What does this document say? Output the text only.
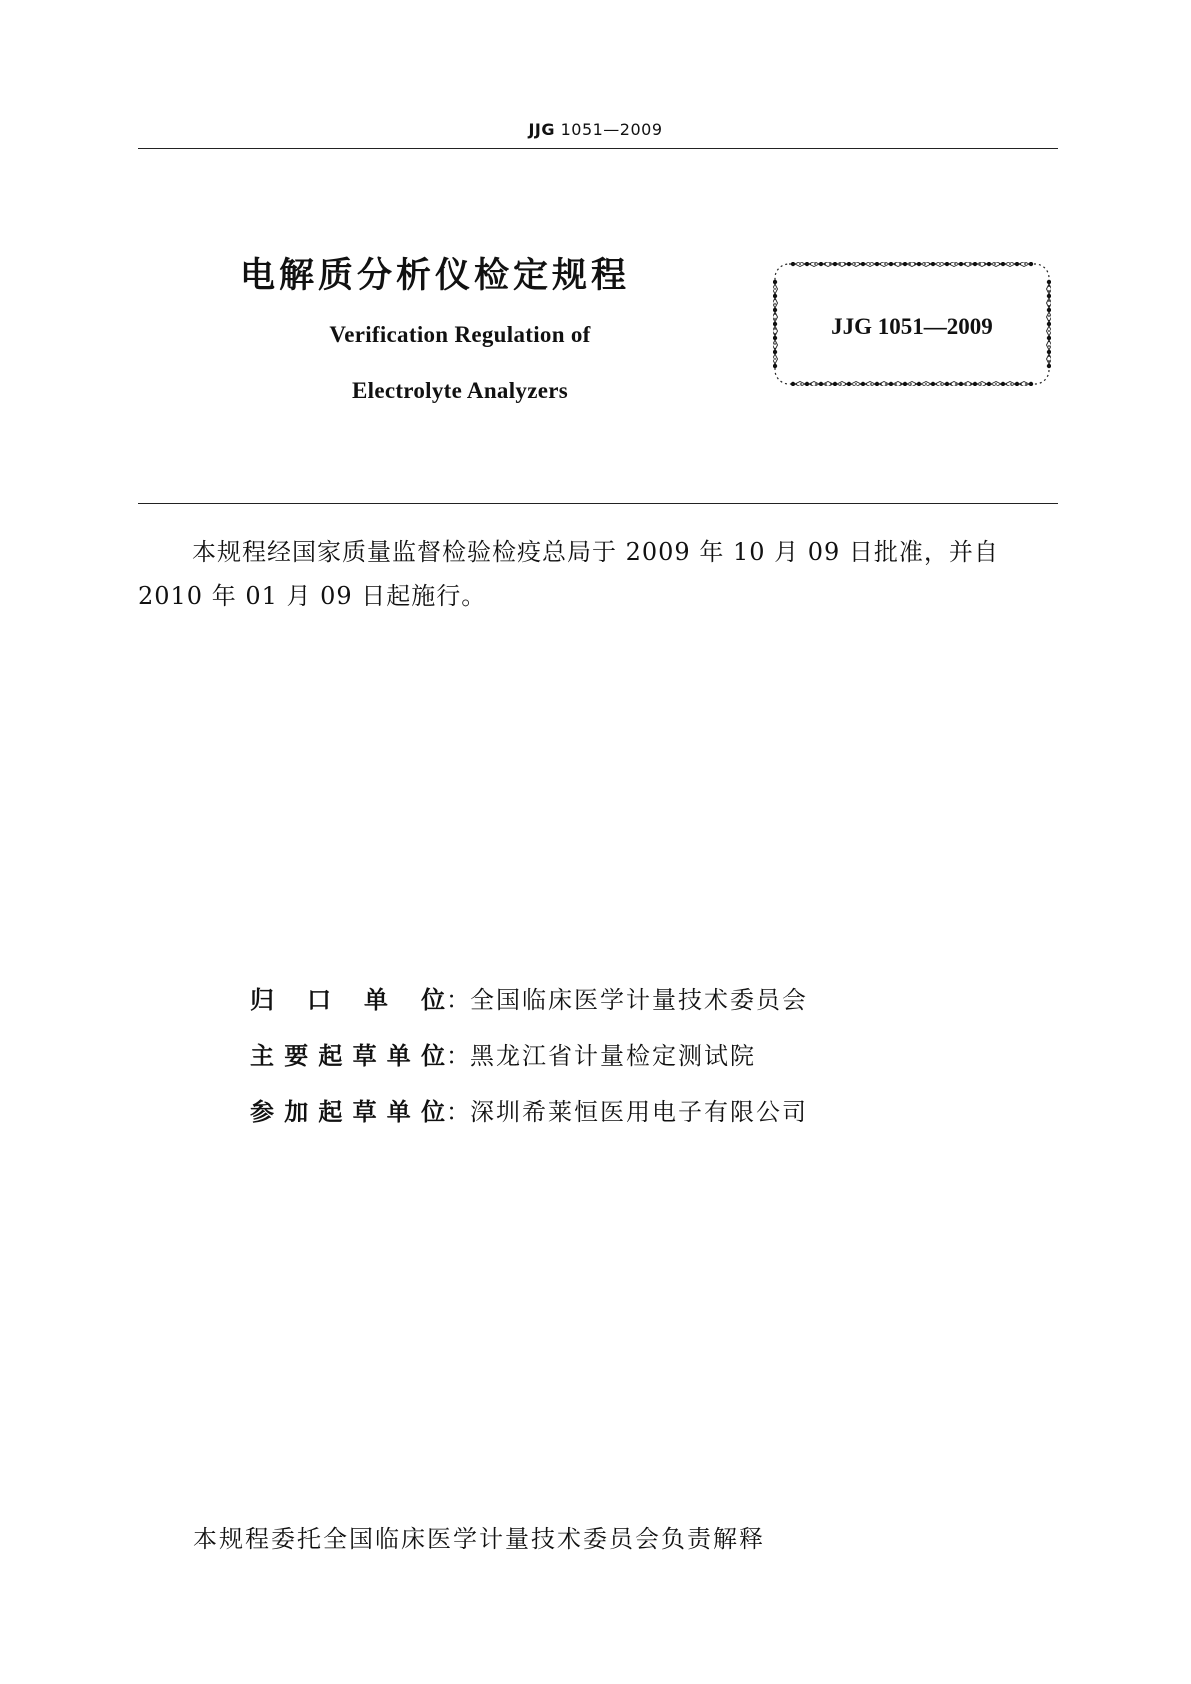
JJG 1051—2009
电解质分析仪检定规程
Verification Regulation of
Electrolyte Analyzers
JJG 1051—2009
本规程经国家质量监督检验检疫总局于 2009 年 10 月 09 日批准，并自 2010 年 01 月 09 日起施行。
归口单位：全国临床医学计量技术委员会
主要起草单位：黑龙江省计量检定测试院
参加起草单位：深圳希莱恒医用电子有限公司
本规程委托全国临床医学计量技术委员会负责解释
